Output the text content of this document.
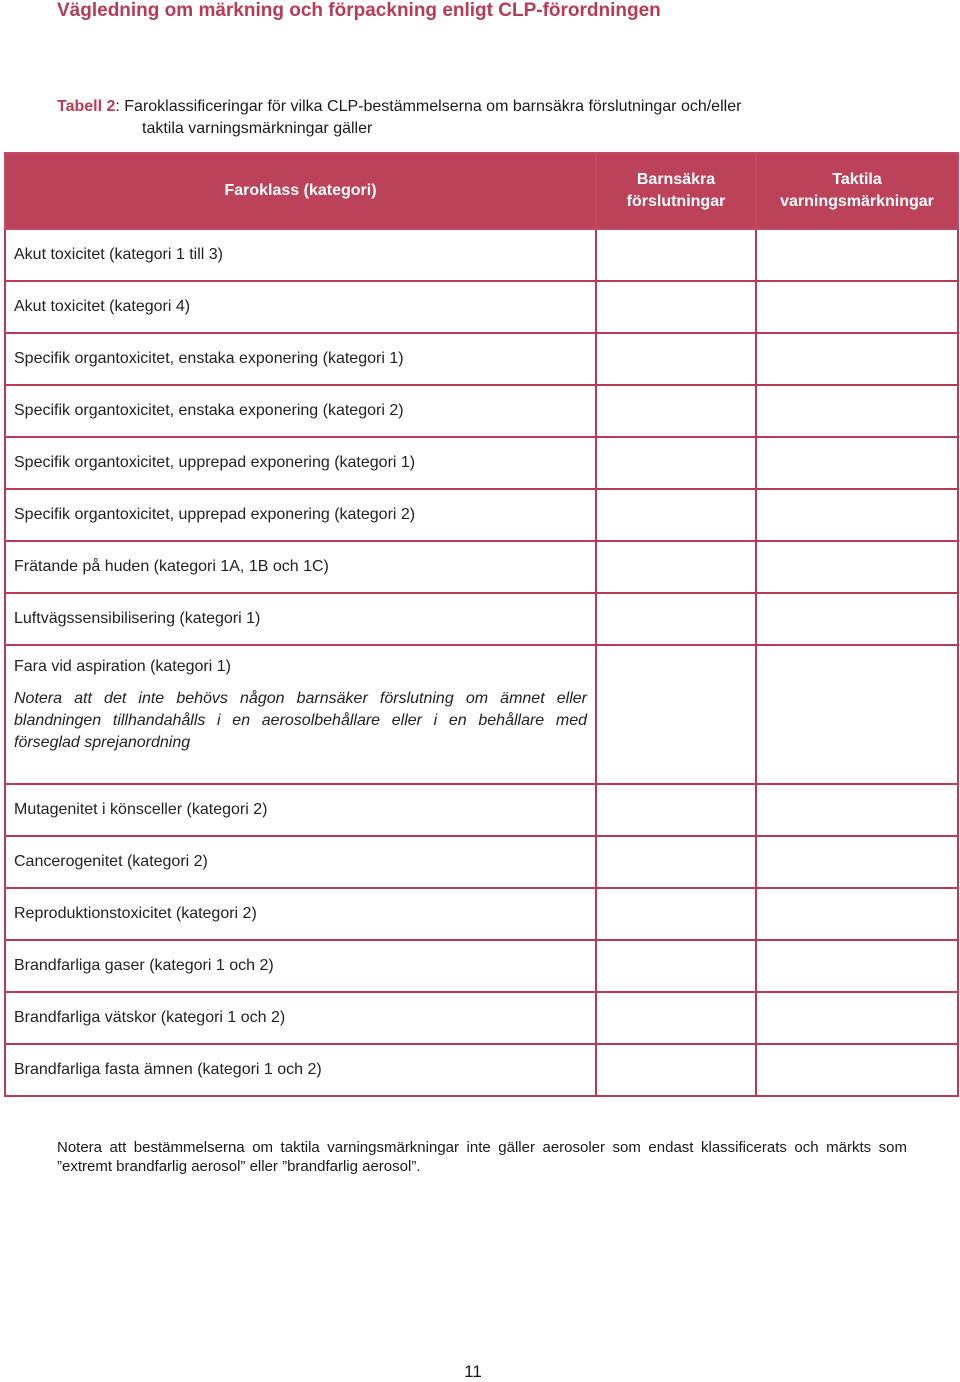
Vägledning om märkning och förpackning enligt CLP-förordningen
Tabell 2: Faroklassificeringar för vilka CLP-bestämmelserna om barnsäkra förslutningar och/eller
taktila varningsmärkningar gäller
Faroklass (kategori)	Barnsäkra förslutningar	Taktila varningsmärkningar
Akut toxicitet (kategori 1 till 3)		
Akut toxicitet (kategori 4)		
Specifik organtoxicitet, enstaka exponering (kategori 1)		
Specifik organtoxicitet, enstaka exponering (kategori 2)		
Specifik organtoxicitet, upprepad exponering (kategori 1)		
Specifik organtoxicitet, upprepad exponering (kategori 2)		
Frätande på huden (kategori 1A, 1B och 1C)		
Luftvägssensibilisering (kategori 1)		
Fara vid aspiration (kategori 1)
Notera att det inte behövs någon barnsäker förslutning om ämnet eller blandningen tillhandahålls i en aerosolbehållare eller i en behållare med förseglad sprejanordning		

Mutagenitet i könsceller (kategori 2)		
Cancerogenitet (kategori 2)		
Reproduktionstoxicitet (kategori 2)		
Brandfarliga gaser (kategori 1 och 2)		
Brandfarliga vätskor (kategori 1 och 2)		
Brandfarliga fasta ämnen (kategori 1 och 2)		
Notera att bestämmelserna om taktila varningsmärkningar inte gäller aerosoler som endast klassificerats och märkts som ”extremt brandfarlig aerosol” eller ”brandfarlig aerosol”.
11
